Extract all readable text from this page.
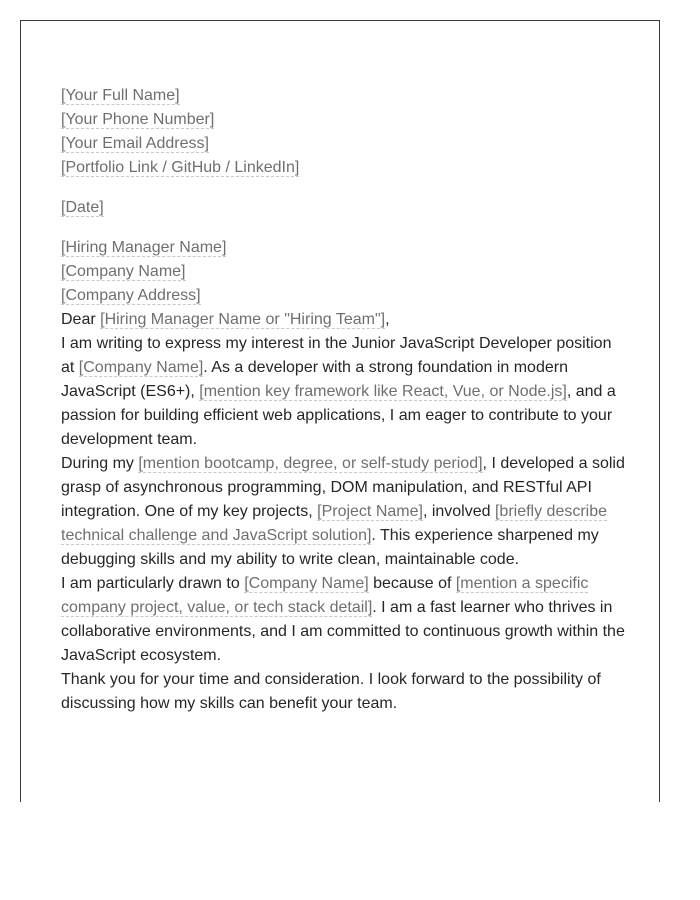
[Your Full Name]
[Your Phone Number]
[Your Email Address]
[Portfolio Link / GitHub / LinkedIn]
[Date]
[Hiring Manager Name]
[Company Name]
[Company Address]

Dear [Hiring Manager Name or "Hiring Team"],

I am writing to express my interest in the Junior JavaScript Developer position at [Company Name]. As a developer with a strong foundation in modern JavaScript (ES6+), [mention key framework like React, Vue, or Node.js], and a passion for building efficient web applications, I am eager to contribute to your development team.

During my [mention bootcamp, degree, or self-study period], I developed a solid grasp of asynchronous programming, DOM manipulation, and RESTful API integration. One of my key projects, [Project Name], involved [briefly describe technical challenge and JavaScript solution]. This experience sharpened my debugging skills and my ability to write clean, maintainable code.

I am particularly drawn to [Company Name] because of [mention a specific company project, value, or tech stack detail]. I am a fast learner who thrives in collaborative environments, and I am committed to continuous growth within the JavaScript ecosystem.

Thank you for your time and consideration. I look forward to the possibility of discussing how my skills can benefit your team.
